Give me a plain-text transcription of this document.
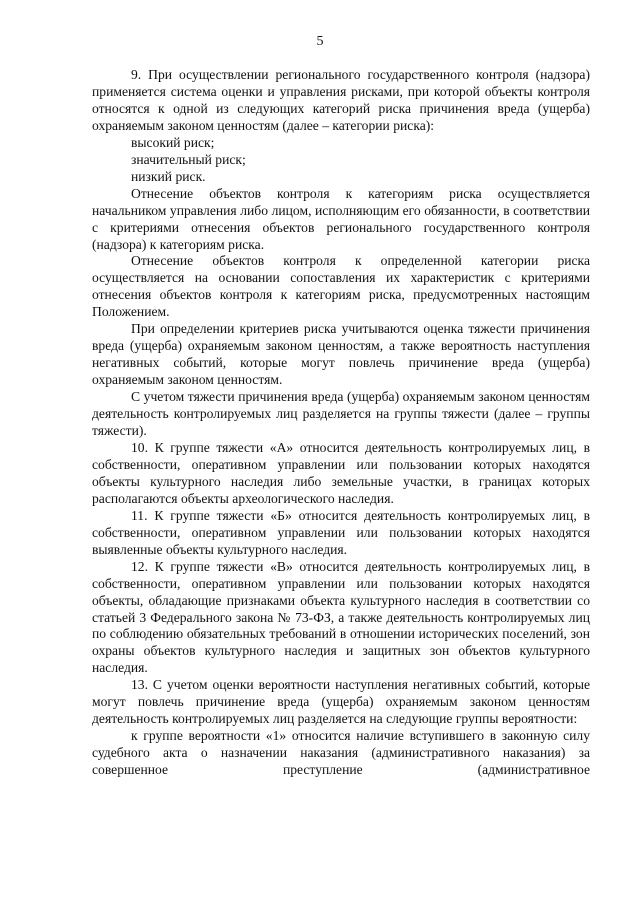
5

9. При осуществлении регионального государственного контроля (надзора) применяется система оценки и управления рисками, при которой объекты контроля относятся к одной из следующих категорий риска причинения вреда (ущерба) охраняемым законом ценностям (далее – категории риска):

высокий риск;

значительный риск;

низкий риск.

Отнесение объектов контроля к категориям риска осуществляется начальником управления либо лицом, исполняющим его обязанности, в соответствии с критериями отнесения объектов регионального государственного контроля (надзора) к категориям риска.

Отнесение объектов контроля к определенной категории риска осуществляется на основании сопоставления их характеристик с критериями отнесения объектов контроля к категориям риска, предусмотренных настоящим Положением.

При определении критериев риска учитываются оценка тяжести причинения вреда (ущерба) охраняемым законом ценностям, а также вероятность наступления негативных событий, которые могут повлечь причинение вреда (ущерба) охраняемым законом ценностям.

С учетом тяжести причинения вреда (ущерба) охраняемым законом ценностям деятельность контролируемых лиц разделяется на группы тяжести (далее – группы тяжести).

10. К группе тяжести «А» относится деятельность контролируемых лиц, в собственности, оперативном управлении или пользовании которых находятся объекты культурного наследия либо земельные участки, в границах которых располагаются объекты археологического наследия.

11. К группе тяжести «Б» относится деятельность контролируемых лиц, в собственности, оперативном управлении или пользовании которых находятся выявленные объекты культурного наследия.

12. К группе тяжести «В» относится деятельность контролируемых лиц, в собственности, оперативном управлении или пользовании которых находятся объекты, обладающие признаками объекта культурного наследия в соответствии со статьей 3 Федерального закона № 73-ФЗ, а также деятельность контролируемых лиц по соблюдению обязательных требований в отношении исторических поселений, зон охраны объектов культурного наследия и защитных зон объектов культурного наследия.

13. С учетом оценки вероятности наступления негативных событий, которые могут повлечь причинение вреда (ущерба) охраняемым законом ценностям деятельность контролируемых лиц разделяется на следующие группы вероятности:

к группе вероятности «1» относится наличие вступившего в законную силу судебного акта о назначении наказания (административного наказания) за совершенное преступление (административное
